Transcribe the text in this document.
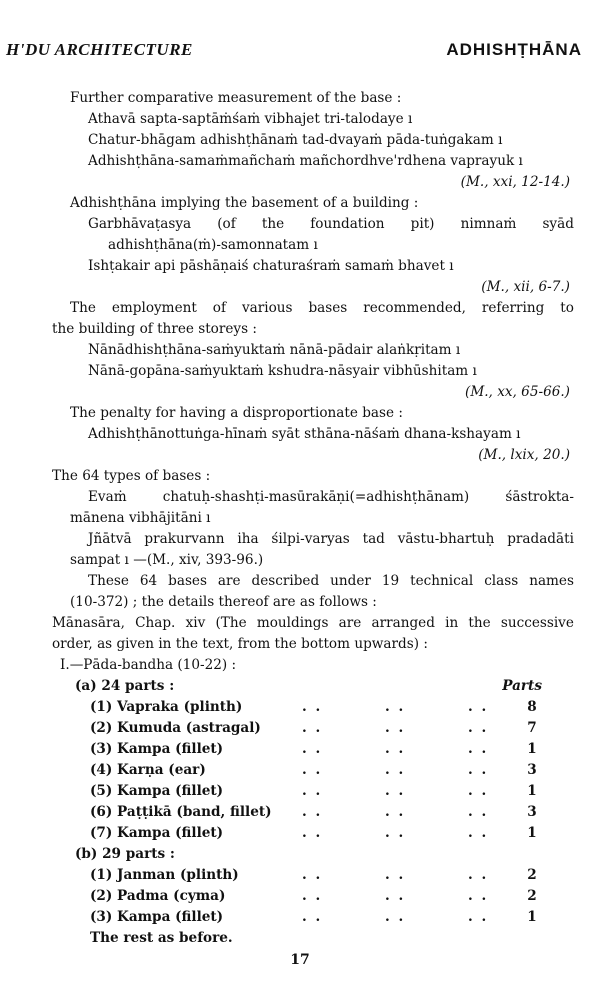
H'DU ARCHITECTURE	ADHISHṬHĀNA
Further comparative measurement of the base :
Athavā sapta-saptāṁśaṁ vibhajet tri-talodaye ı
Chatur-bhāgam adhishṭhānaṁ tad-dvayaṁ pāda-tuṅgakam ı
Adhishṭhāna-samaṁmañchaṁ mañchordhve'rdhena vaprayuk ı
(M., xxi, 12-14.)
Adhishṭhāna implying the basement of a building :
Garbhāvaṭasya (of the foundation pit) nimnaṁ syād
adhishṭhāna(ṁ)-samonnatam ı
Ishṭakair api pāshāṇaiś chaturaśraṁ samaṁ bhavet ı
(M., xii, 6-7.)
The employment of various bases recommended, referring to
the building of three storeys :
Nānādhishṭhāna-saṁyuktaṁ nānā-pādair alaṅkṛitam ı
Nānā-gopāna-saṁyuktaṁ kshudra-nāsyair vibhūshitam ı
(M., xx, 65-66.)
The penalty for having a disproportionate base :
Adhishṭhānottuṅga-hīnaṁ syāt sthāna-nāśaṁ dhana-kshayam ı
(M., lxix, 20.)
The 64 types of bases :
Evaṁ	chatuḥ-shashṭi-masūrakāṇi(=adhishṭhānam)	śāstrokta-
mānena vibhājitāni ı
Jñātvā prakurvann iha śilpi-varyas tad vāstu-bhartuḥ pradadāti
sampat ı —(M., xiv, 393-96.)
These 64 bases are described under 19 technical class names
(10-372) ; the details thereof are as follows :
Mānasāra, Chap. xiv (The mouldings are arranged in the successive
order, as given in the text, from the bottom upwards) :
I.—Pāda-bandha (10-22) :
(a) 24 parts :	Parts
(1) Vapraka (plinth)	. .	. .	. .	8
(2) Kumuda (astragal)	. .	. .	. .	7
(3) Kampa (fillet)	. .	. .	. .	1
(4) Karṇa (ear)	. .	. .	. .	3
(5) Kampa (fillet)	. .	. .	. .	1
(6) Paṭṭikā (band, fillet) . .	. .	. .	3
(7) Kampa (fillet)	. .	. .	. .	1
(b) 29 parts :
(1) Janman (plinth)	. .	. .	. .	2
(2) Padma (cyma)	. .	. .	. .	2
(3) Kampa (fillet)	. .	. .	. .	1
The rest as before.
17
